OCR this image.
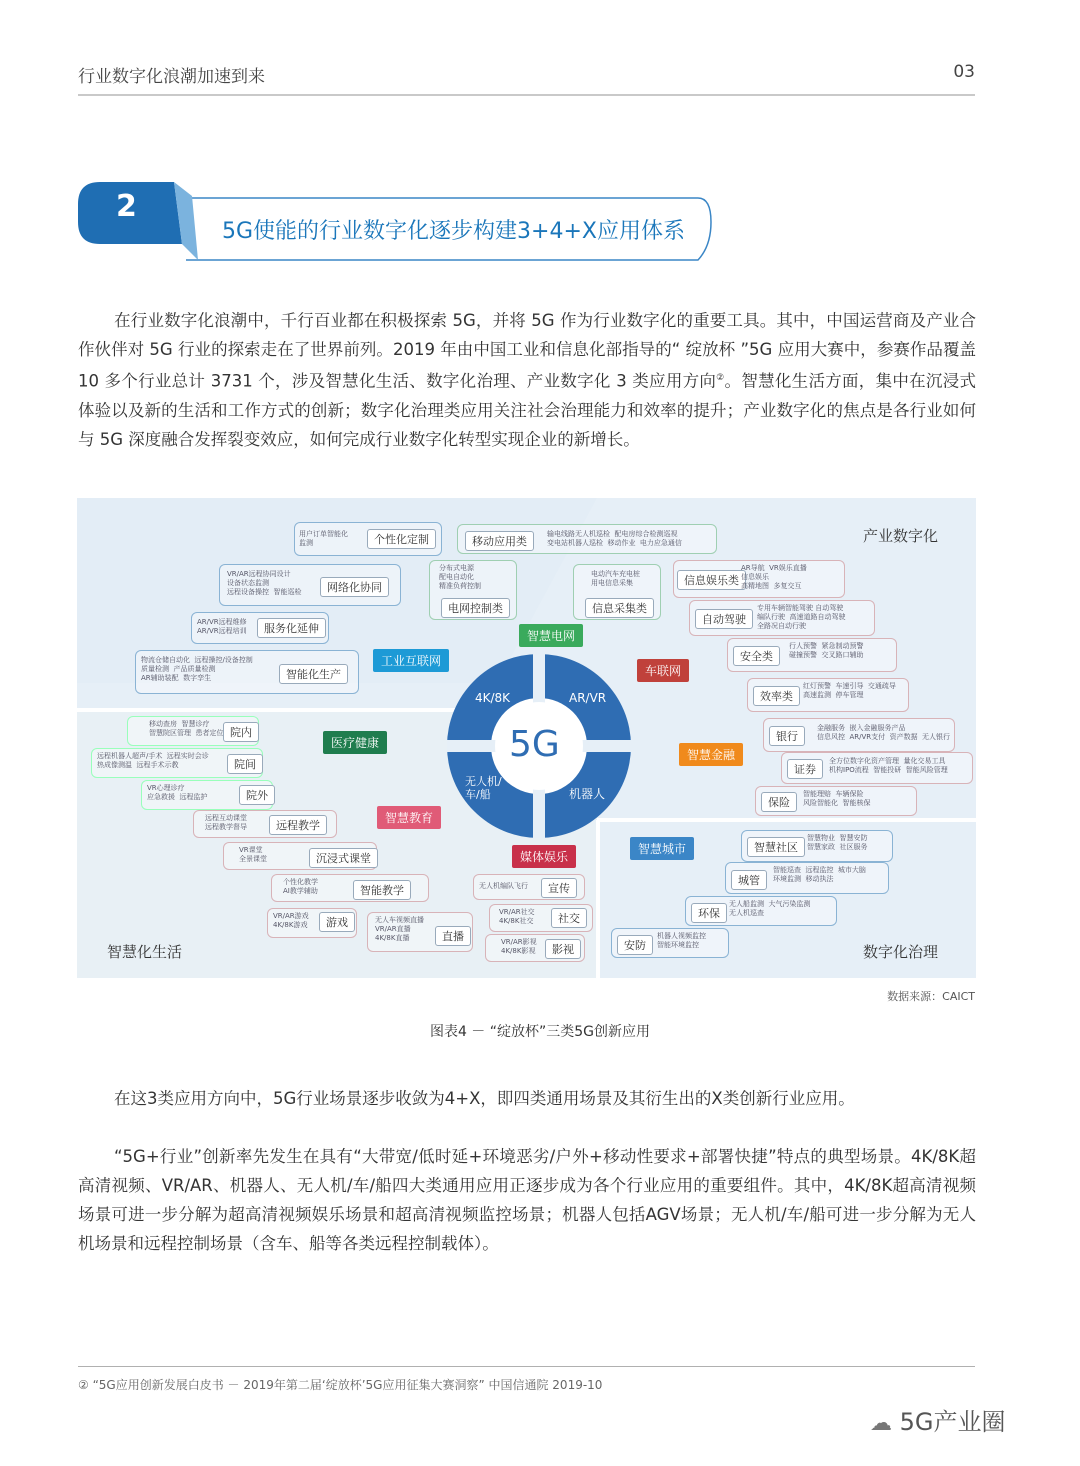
行业数字化浪潮加速到来	03
2
5G使能的行业数字化逐步构建3+4+X应用体系

在行业数字化浪潮中，千行百业都在积极探索 5G，并将 5G 作为行业数字化的重要工具。其中，中国运营商及产业合作伙伴对 5G 行业的探索走在了世界前列。2019 年由中国工业和信息化部指导的“ 绽放杯 ”5G 应用大赛中，参赛作品覆盖 10 多个行业总计 3731 个，涉及智慧化生活、数字化治理、产业数字化 3 类应用方向②。智慧化生活方面，集中在沉浸式体验以及新的生活和工作方式的创新；数字化治理类应用关注社会治理能力和效率的提升；产业数字化的焦点是各行业如何与 5G 深度融合发挥裂变效应，如何完成行业数字化转型实现企业的新增长。

5G
4K/8K	AR/VR
无人机/车/船	机器人
产业数字化
智慧化生活	数字化治理
智慧电网
工业互联网
车联网
医疗健康
智慧金融
智慧教育
媒体娱乐
智慧城市
用户订单智能化
监测	个性化定制	移动应用类
输电线路无人机巡检  配电房综合检测巡视
变电站机器人巡检  移动作业  电力应急通信
VR/AR远程协同设计
设备状态监测
远程设备操控  智能巡检	网络化协同
AR/VR远程维修
AR/VR远程培训	服务化延伸
物流仓储自动化  远程操控/设备控制
质量检测  产品质量检测
AR辅助装配  数字孪生	智能化生产
分布式电源
配电自动化
精准负荷控制
电网控制类
电动汽车充电桩
用电信息采集
信息采集类
信息娱乐类
AR导航  VR娱乐直播
信息娱乐
高精地图  多复交互
自动驾驶
专用车辆智能驾驶 自动驾驶
编队行驶  高速道路自动驾驶
全路况自动行驶
安全类
行人预警  紧急制动预警
碰撞预警  交叉路口辅助
效率类
红灯预警  车速引导  交通疏导
高速监测  停车管理
银行
金融服务  嵌入金融服务产品
信息风控  AR/VR支付  资产数据  无人银行
证券
全方位数字化资产管理  量化交易工具
机构IPO流程  智能投研  智能风险管理
保险
智能理赔  车辆保险
风险智能化  智能核保
移动查房  智慧诊疗
智慧院区管理  患者定位 院内
远程机器人超声/手术  远程实时会诊
热成像测温  远程手术示教	院间
VR心理诊疗
应急救援  远程监护	院外
远程互动课堂
远程教学督导	远程教学
VR课堂
全景课堂	沉浸式课堂
个性化教学
AI教学辅助	智能教学	无人机编队飞行	宣传
VR/AR社交
4K/8K社交	社交
VR/AR影视
4K/8K影视	影视
VR/AR游戏
4K/8K游戏	游戏	无人车视频直播
VR/AR直播
4K/8K直播	直播
智慧社区
智慧物业  智慧安防
智慧家政  社区服务
城管
智能巡查  远程监控  城市大脑
环境监测  移动执法
环保
无人船监测  大气污染监测
无人机巡查
安防
机器人视频监控
智能环境监控
数据来源：CAICT
图表4 － “绽放杯”三类5G创新应用

在这3类应用方向中，5G行业场景逐步收敛为4+X，即四类通用场景及其衍生出的X类创新行业应用。

“5G+行业”创新率先发生在具有“大带宽/低时延+环境恶劣/户外+移动性要求+部署快捷”特点的典型场景。4K/8K超高清视频、VR/AR、机器人、无人机/车/船四大类通用应用正逐步成为各个行业应用的重要组件。其中，4K/8K超高清视频场景可进一步分解为超高清视频娱乐场景和超高清视频监控场景；机器人包括AGV场景；无人机/车/船可进一步分解为无人机场景和远程控制场景（含车、船等各类远程控制载体）。

② “5G应用创新发展白皮书 － 2019年第二届‘绽放杯’5G应用征集大赛洞察” 中国信通院 2019-10
☁ 5G产业圈
